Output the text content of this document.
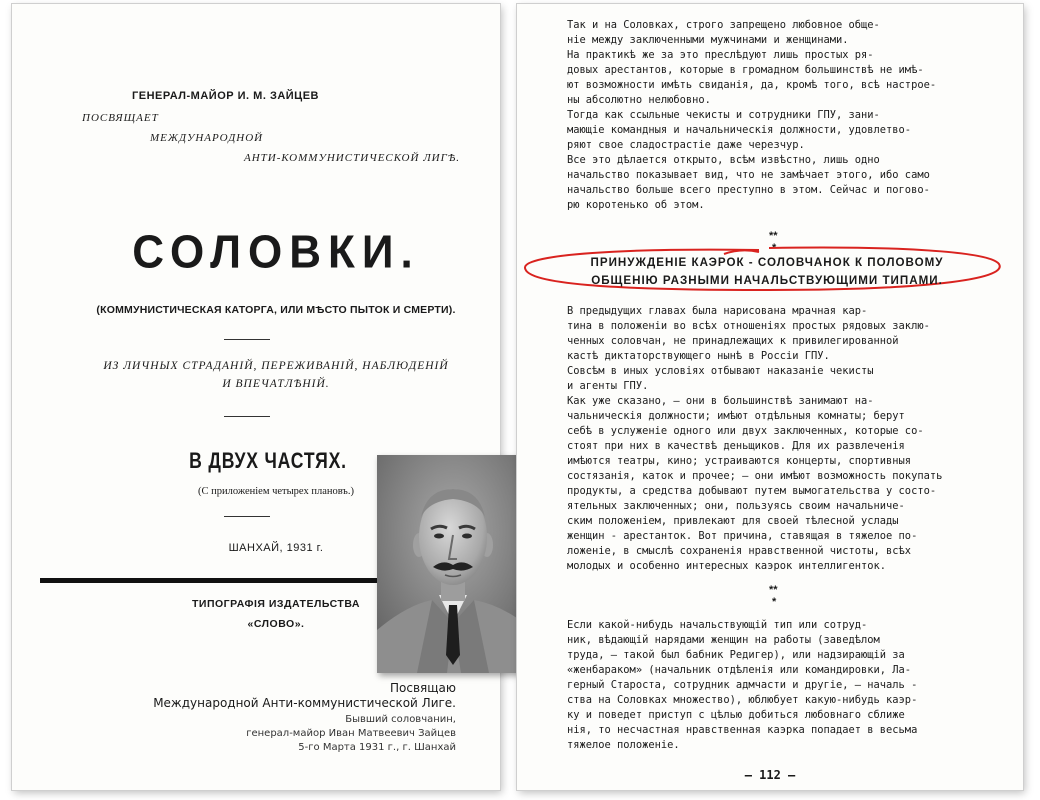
ГЕНЕРАЛ-МАЙОР И. М. ЗАЙЦЕВ
ПОСВЯЩАЕТ
МЕЖДУНАРОДНОЙ
АНТИ-КОММУНИСТИЧЕСКОЙ ЛИГѢ.
СОЛОВКИ.
(КОММУНИСТИЧЕСКАЯ КАТОРГА, ИЛИ МѢСТО ПЫТОК И СМЕРТИ).
ИЗ ЛИЧНЫХ СТРАДАНIЙ, ПЕРЕЖИВАНIЙ, НАБЛЮДЕНIЙ
И ВПЕЧАТЛѢНIЙ.
В ДВУХ ЧАСТЯХ.
(С приложенiем четырех плановъ.)
ШАНХАЙ, 1931 г.
ТИПОГРАФIЯ ИЗДАТЕЛЬСТВА
«СЛОВО».
Посвящаю
Международной Анти-коммунистической Лиге.
Бывший соловчанин,
генерал-майор Иван Матвеевич Зайцев
5-го Марта 1931 г., г. Шанхай

Так и на Соловках, строго запрещено любовное обще-

нiе между заключенными мужчинами и женщинами.

На практикѣ же за это преслѣдуют лишь простых ря-

довых арестантов, которые в громадном большинствѣ не имѣ-

ют возможности имѣть свиданiя, да, кромѣ того, всѣ настрое-

ны абсолютно нелюбовно.

Тогда как ссыльные чекисты и сотрудники ГПУ, зани-

мающiе командныя и начальническiя должности, удовлетво-

ряют свое сладострастiе даже черезчур.

Все это дѣлается открыто, всѣм извѣстно, лишь одно

начальство показывает вид, что не замѣчает этого, ибо само

начальство больше всего преступно в этом. Сейчас и погово-

рю коротенько об этом.

**
*
ПРИНУЖДЕНIЕ КАЭРОК - СОЛОВЧАНОК К ПОЛОВОМУ
ОБЩЕНIЮ РАЗНЫМИ НАЧАЛЬСТВУЮЩИМИ ТИПАМИ.

В предыдущих главах была нарисована мрачная кар-

тина в положенiи во всѣх отношенiях простых рядовых заклю-

ченных соловчан, не принадлежащих к привилегированной

кастѣ диктаторствующего нынѣ в Россiи ГПУ.

Совсѣм в иных условiях отбывают наказанiе чекисты

и агенты ГПУ.

Как уже сказано, — они в большинствѣ занимают на-

чальническiя должности; имѣют отдѣльныя комнаты; берут

себѣ в услуженiе одного или двух заключенных, которые со-

стоят при них в качествѣ деньщиков. Для их развлеченiя

имѣются театры, кино; устраиваются концерты, спортивныя

состязанiя, каток и прочее; — они имѣют возможность покупать

продукты, а средства добывают путем вымогательства у состо-

ятельных заключенных; они, пользуясь своим начальниче-

ским положенiем, привлекают для своей тѣлесной услады

женщин - арестанток. Вот причина, ставящая в тяжелое по-

ложенiе, в смыслѣ сохраненiя нравственной чистоты, всѣх

молодых и особенно интересных каэрок интеллигенток.

**
*

Если какой-нибудь начальствующiй тип или сотруд-

ник, вѣдающiй нарядами женщин на работы (заведѣлом

труда, — такой был бабник Редигер), или надзирающiй за

«женбараком» (начальник отдѣленiя или командировки, Ла-

герный Староста, сотрудник адмчасти и другiе, — началь -

ства на Соловках множество), юблюбует какую-нибудь каэр-

ку и поведет приступ с цѣлью добиться любовнаго сближе

нiя, то несчастная нравственная каэрка попадает в весьма

тяжелое положенiе.

— 112 —
